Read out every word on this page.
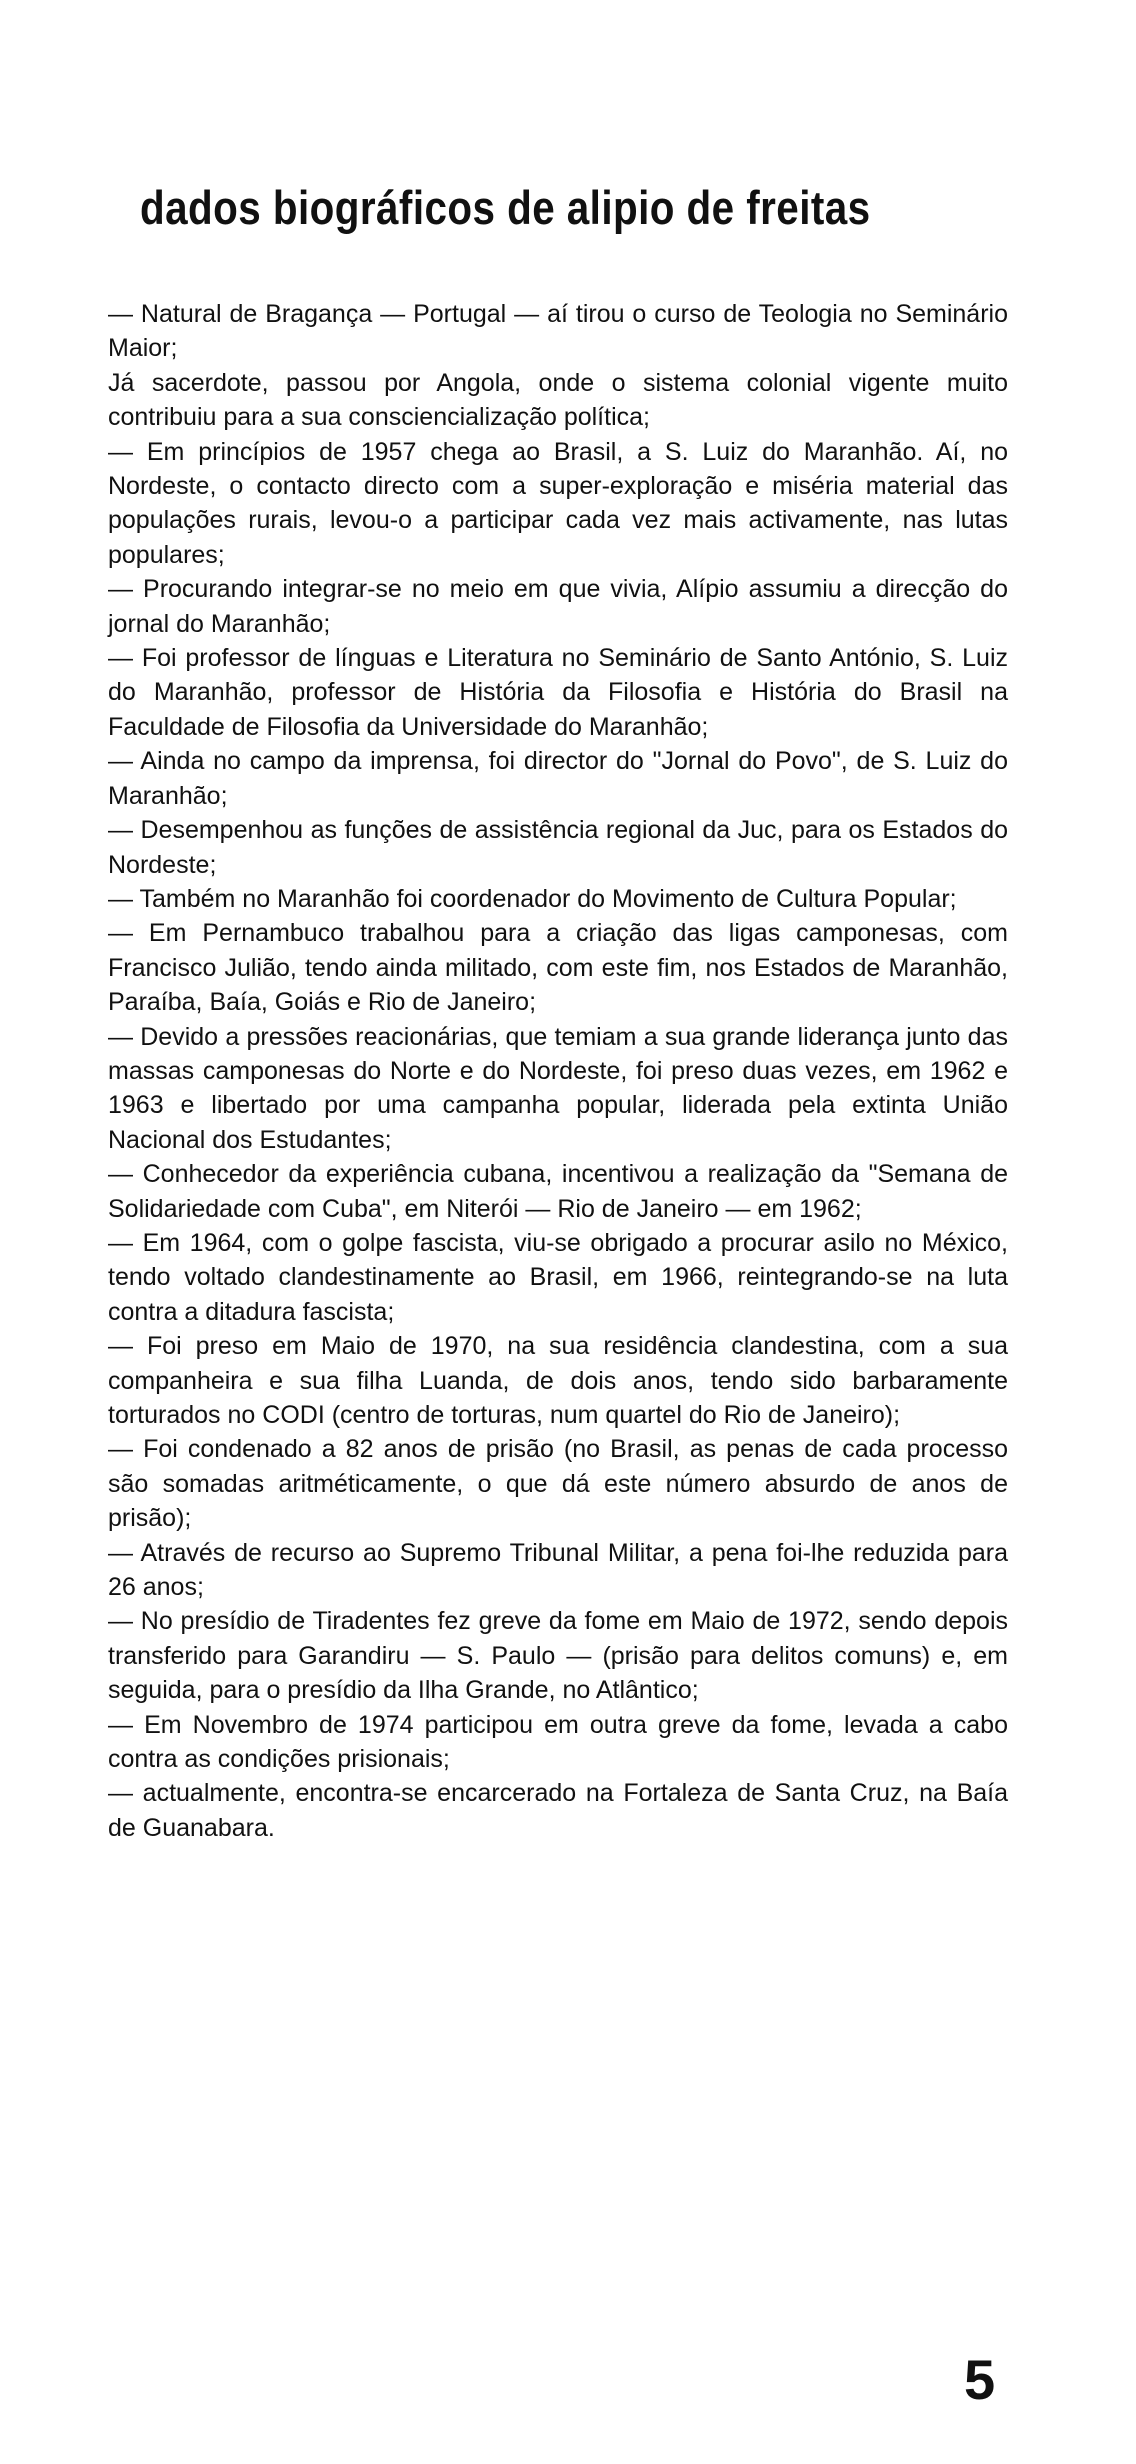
dados biográficos de alipio de freitas
— Natural de Bragança — Portugal — aí tirou o curso de Teologia no Seminário Maior;
Já sacerdote, passou por Angola, onde o sistema colonial vigente muito contribuiu para a sua consciencialização política;
— Em princípios de 1957 chega ao Brasil, a S. Luiz do Maranhão. Aí, no Nordeste, o contacto directo com a super-exploração e miséria material das populações rurais, levou-o a participar cada vez mais activamente, nas lutas populares;
— Procurando integrar-se no meio em que vivia, Alípio assumiu a direcção do jornal do Maranhão;
— Foi professor de línguas e Literatura no Seminário de Santo António, S. Luiz do Maranhão, professor de História da Filosofia e História do Brasil na Faculdade de Filosofia da Universidade do Maranhão;
— Ainda no campo da imprensa, foi director do "Jornal do Povo", de S. Luiz do Maranhão;
— Desempenhou as funções de assistência regional da Juc, para os Estados do Nordeste;
— Também no Maranhão foi coordenador do Movimento de Cultura Popular;
— Em Pernambuco trabalhou para a criação das ligas camponesas, com Francisco Julião, tendo ainda militado, com este fim, nos Estados de Maranhão, Paraíba, Baía, Goiás e Rio de Janeiro;
— Devido a pressões reacionárias, que temiam a sua grande liderança junto das massas camponesas do Norte e do Nordeste, foi preso duas vezes, em 1962 e 1963 e libertado por uma campanha popular, liderada pela extinta União Nacional dos Estudantes;
— Conhecedor da experiência cubana, incentivou a realização da "Semana de Solidariedade com Cuba", em Niterói — Rio de Janeiro — em 1962;
— Em 1964, com o golpe fascista, viu-se obrigado a procurar asilo no México, tendo voltado clandestinamente ao Brasil, em 1966, reintegrando-se na luta contra a ditadura fascista;
— Foi preso em Maio de 1970, na sua residência clandestina, com a sua companheira e sua filha Luanda, de dois anos, tendo sido barbaramente torturados no CODI (centro de torturas, num quartel do Rio de Janeiro);
— Foi condenado a 82 anos de prisão (no Brasil, as penas de cada processo são somadas aritméticamente, o que dá este número absurdo de anos de prisão);
— Através de recurso ao Supremo Tribunal Militar, a pena foi-lhe reduzida para 26 anos;
— No presídio de Tiradentes fez greve da fome em Maio de 1972, sendo depois transferido para Garandiru — S. Paulo — (prisão para delitos comuns) e, em seguida, para o presídio da Ilha Grande, no Atlântico;
— Em Novembro de 1974 participou em outra greve da fome, levada a cabo contra as condições prisionais;
— actualmente, encontra-se encarcerado na Fortaleza de Santa Cruz, na Baía de Guanabara.

5
